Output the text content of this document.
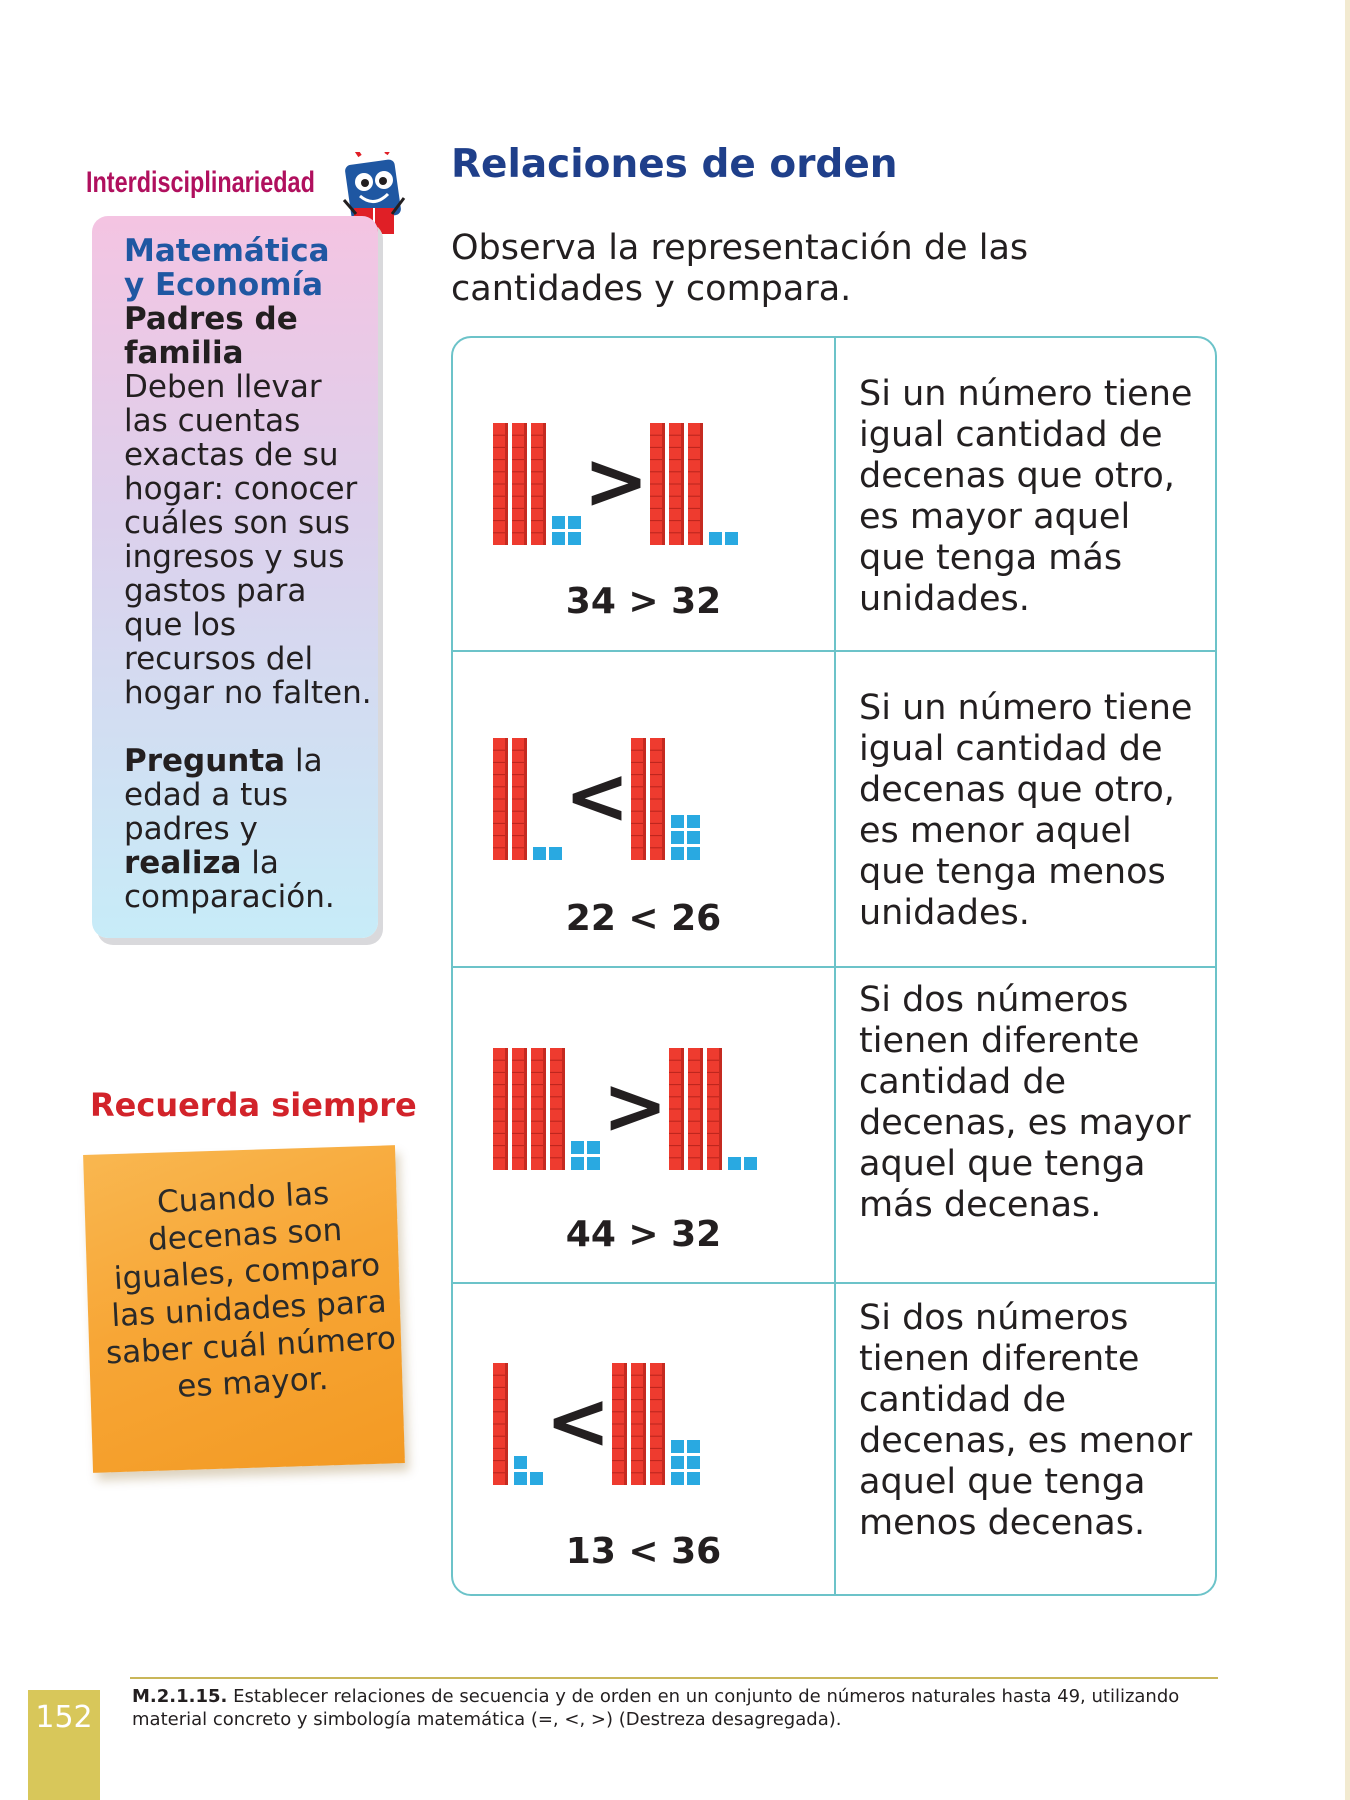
Interdisciplinariedad

Matemática

y Economía

Padres de familia

Deben llevar las cuentas exactas de su hogar: conocer cuáles son sus ingresos y sus gastos para que los recursos del hogar no falten.

Pregunta la edad a tus padres y realiza la comparación.

Recuerda siempre
Cuando las decenas son iguales, comparo las unidades para saber cuál número es mayor.
Relaciones de orden
Observa la representación de las cantidades y compara.
>
34 > 32
Si un número tiene igual cantidad de decenas que otro, es mayor aquel que tenga más unidades.
<
22 < 26
Si un número tiene igual cantidad de decenas que otro, es menor aquel que tenga menos unidades.
>
44 > 32
Si dos números tienen diferente cantidad de decenas, es mayor aquel que tenga más decenas.
<
13 < 36
Si dos números tienen diferente cantidad de decenas, es menor aquel que tenga menos decenas.
152
M.2.1.15. Establecer relaciones de secuencia y de orden en un conjunto de números naturales hasta 49, utilizando material concreto y simbología matemática (=, <, >) (Destreza desagregada).
